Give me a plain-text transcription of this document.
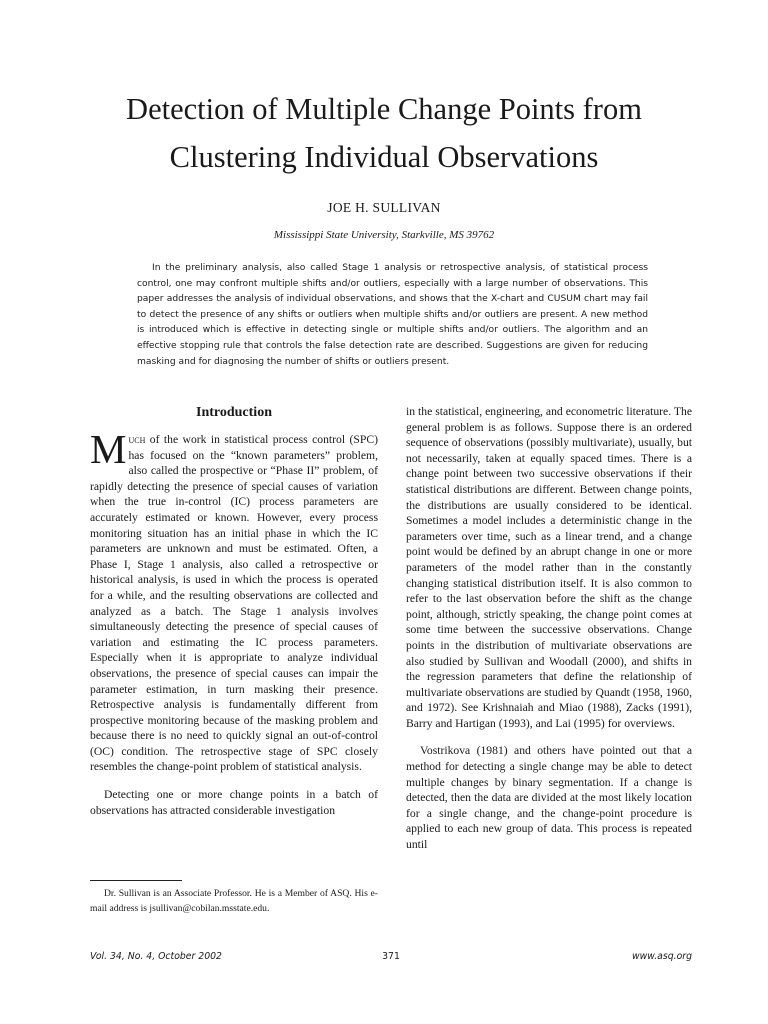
Detection of Multiple Change Points from
Clustering Individual Observations
JOE H. SULLIVAN
Mississippi State University, Starkville, MS 39762

In the preliminary analysis, also called Stage 1 analysis or retrospective analysis, of statistical process control, one may confront multiple shifts and/or outliers, especially with a large number of observations. This paper addresses the analysis of individual observations, and shows that the X-chart and CUSUM chart may fail to detect the presence of any shifts or outliers when multiple shifts and/or outliers are present. A new method is introduced which is effective in detecting single or multiple shifts and/or outliers. The algorithm and an effective stopping rule that controls the false detection rate are described. Suggestions are given for reducing masking and for diagnosing the number of shifts or outliers present.

Introduction

Much of the work in statistical process control (SPC) has focused on the “known parameters” problem, also called the prospective or “Phase II” problem, of rapidly detecting the presence of special causes of variation when the true in-control (IC) process parameters are accurately estimated or known. However, every process monitoring situation has an initial phase in which the IC parameters are unknown and must be estimated. Often, a Phase I, Stage 1 analysis, also called a retrospective or historical analysis, is used in which the process is operated for a while, and the resulting observations are collected and analyzed as a batch. The Stage 1 analysis involves simultaneously detecting the presence of special causes of variation and estimating the IC process parameters. Especially when it is appropriate to analyze individual observations, the presence of special causes can impair the parameter estimation, in turn masking their presence. Retrospective analysis is fundamentally different from prospective monitoring because of the masking problem and because there is no need to quickly signal an out-of-control (OC) condition. The retrospective stage of SPC closely resembles the change-point problem of statistical analysis.

Detecting one or more change points in a batch of observations has attracted considerable investigation

in the statistical, engineering, and econometric literature. The general problem is as follows. Suppose there is an ordered sequence of observations (possibly multivariate), usually, but not necessarily, taken at equally spaced times. There is a change point between two successive observations if their statistical distributions are different. Between change points, the distributions are usually considered to be identical. Sometimes a model includes a deterministic change in the parameters over time, such as a linear trend, and a change point would be defined by an abrupt change in one or more parameters of the model rather than in the constantly changing statistical distribution itself. It is also common to refer to the last observation before the shift as the change point, although, strictly speaking, the change point comes at some time between the successive observations. Change points in the distribution of multivariate observations are also studied by Sullivan and Woodall (2000), and shifts in the regression parameters that define the relationship of multivariate observations are studied by Quandt (1958, 1960, and 1972). See Krishnaiah and Miao (1988), Zacks (1991), Barry and Hartigan (1993), and Lai (1995) for overviews.

Vostrikova (1981) and others have pointed out that a method for detecting a single change may be able to detect multiple changes by binary segmentation. If a change is detected, then the data are divided at the most likely location for a single change, and the change-point procedure is applied to each new group of data. This process is repeated until

Dr. Sullivan is an Associate Professor. He is a Member of ASQ. His e-mail address is jsullivan@cobilan.msstate.edu.

Vol. 34, No. 4, October 2002	371	www.asq.org
